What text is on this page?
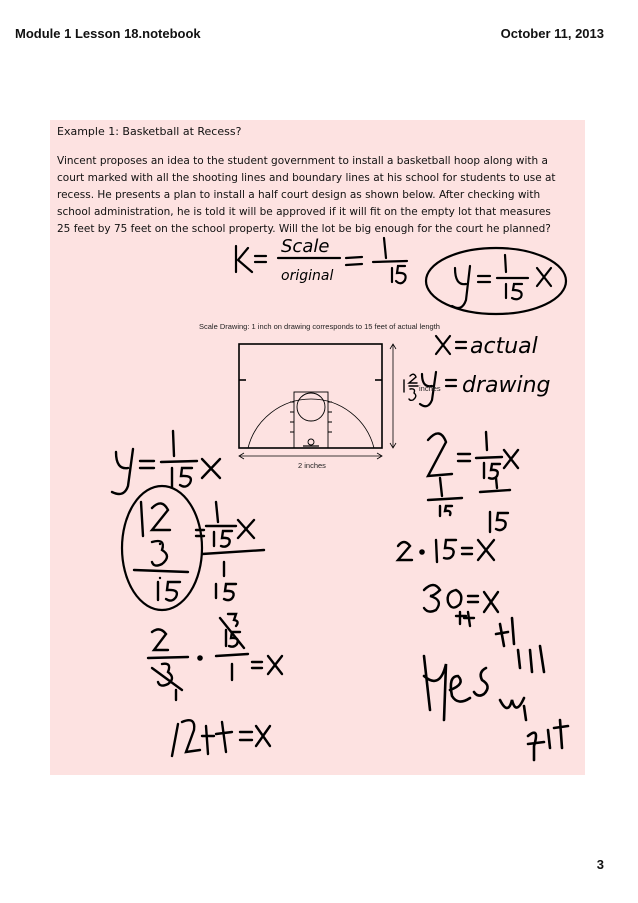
Module 1 Lesson 18.notebook	October 11, 2013
Example 1: Basketball at Recess?
Vincent proposes an idea to the student government to install a basketball hoop along with a court marked with all the shooting lines and boundary lines at his school for students to use at recess. He presents a plan to install a half court design as shown below. After checking with school administration, he is told it will be approved if it will fit on the empty lot that measures 25 feet by 75 feet on the school property. Will the lot be big enough for the court he planned?
Scale Drawing: 1 inch on drawing corresponds to 15 feet of actual length
Scale
original
actual
drawing
2 inches
inches
3
